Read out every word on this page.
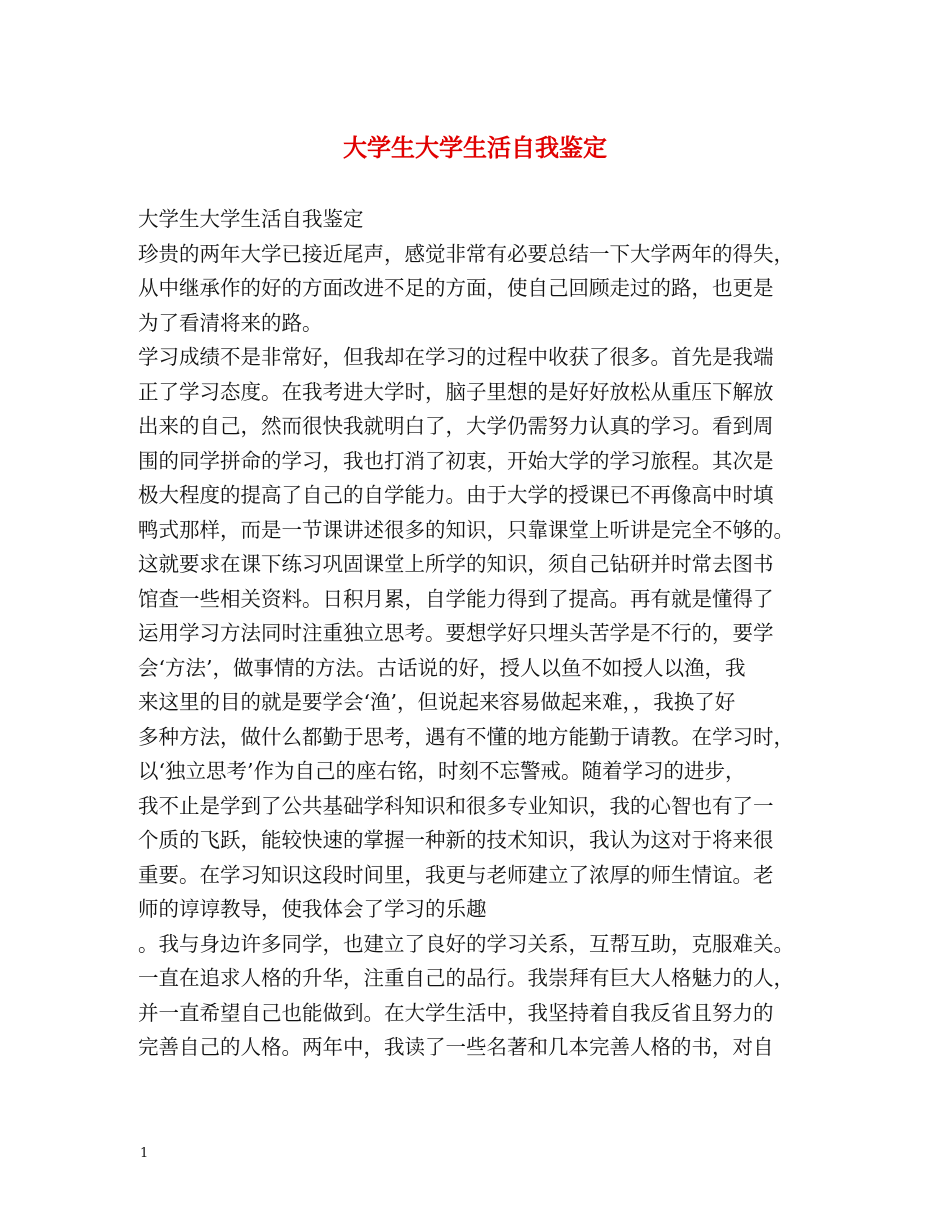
大学生大学生活自我鉴定
大学生大学生活自我鉴定
珍贵的两年大学已接近尾声，感觉非常有必要总结一下大学两年的得失，
从中继承作的好的方面改进不足的方面，使自己回顾走过的路，也更是
为了看清将来的路。
学习成绩不是非常好，但我却在学习的过程中收获了很多。首先是我端
正了学习态度。在我考进大学时，脑子里想的是好好放松从重压下解放
出来的自己，然而很快我就明白了，大学仍需努力认真的学习。看到周
围的同学拼命的学习，我也打消了初衷，开始大学的学习旅程。其次是
极大程度的提高了自己的自学能力。由于大学的授课已不再像高中时填
鸭式那样，而是一节课讲述很多的知识，只靠课堂上听讲是完全不够的。
这就要求在课下练习巩固课堂上所学的知识，须自己钻研并时常去图书
馆查一些相关资料。日积月累，自学能力得到了提高。再有就是懂得了
运用学习方法同时注重独立思考。要想学好只埋头苦学是不行的，要学
会‘方法’，做事情的方法。古话说的好，授人以鱼不如授人以渔，我
来这里的目的就是要学会‘渔’，但说起来容易做起来难，，我换了好
多种方法，做什么都勤于思考，遇有不懂的地方能勤于请教。在学习时，
以‘独立思考’作为自己的座右铭，时刻不忘警戒。随着学习的进步，
我不止是学到了公共基础学科知识和很多专业知识，我的心智也有了一
个质的飞跃，能较快速的掌握一种新的技术知识，我认为这对于将来很
重要。在学习知识这段时间里，我更与老师建立了浓厚的师生情谊。老
师的谆谆教导，使我体会了学习的乐趣
。我与身边许多同学，也建立了良好的学习关系，互帮互助，克服难关。
一直在追求人格的升华，注重自己的品行。我崇拜有巨大人格魅力的人，
并一直希望自己也能做到。在大学生活中，我坚持着自我反省且努力的
完善自己的人格。两年中，我读了一些名著和几本完善人格的书，对自
1
